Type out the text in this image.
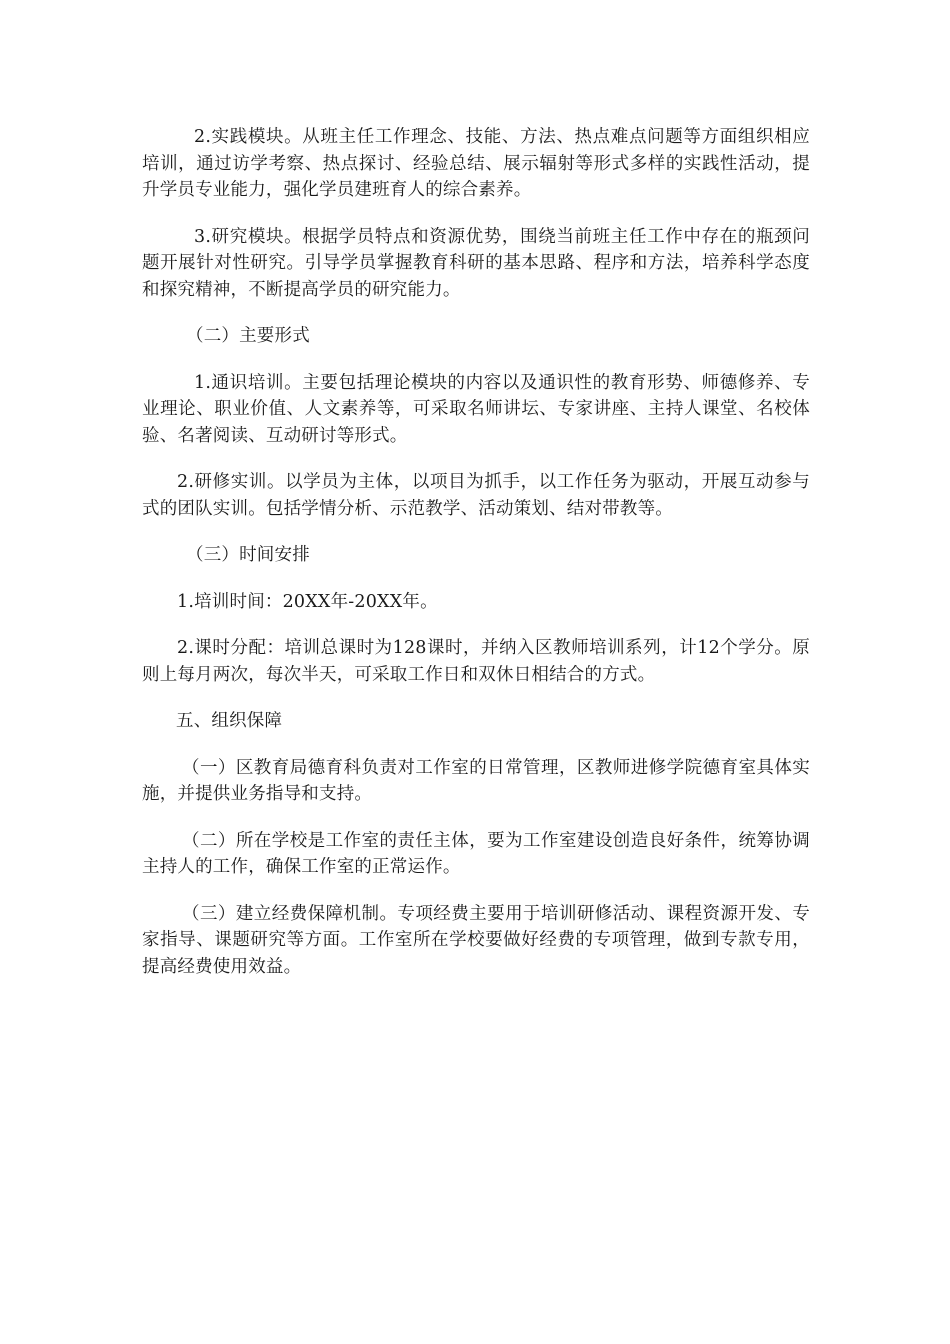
2.实践模块。从班主任工作理念、技能、方法、热点难点问题等方面组织相应培训，通过访学考察、热点探讨、经验总结、展示辐射等形式多样的实践性活动，提升学员专业能力，强化学员建班育人的综合素养。

3.研究模块。根据学员特点和资源优势，围绕当前班主任工作中存在的瓶颈问题开展针对性研究。引导学员掌握教育科研的基本思路、程序和方法，培养科学态度和探究精神，不断提高学员的研究能力。

（二）主要形式

1.通识培训。主要包括理论模块的内容以及通识性的教育形势、师德修养、专业理论、职业价值、人文素养等，可采取名师讲坛、专家讲座、主持人课堂、名校体验、名著阅读、互动研讨等形式。

2.研修实训。以学员为主体，以项目为抓手，以工作任务为驱动，开展互动参与式的团队实训。包括学情分析、示范教学、活动策划、结对带教等。

（三）时间安排

1.培训时间：20XX年-20XX年。

2.课时分配：培训总课时为128课时，并纳入区教师培训系列，计12个学分。原则上每月两次，每次半天，可采取工作日和双休日相结合的方式。

五、组织保障

（一）区教育局德育科负责对工作室的日常管理，区教师进修学院德育室具体实施，并提供业务指导和支持。

（二）所在学校是工作室的责任主体，要为工作室建设创造良好条件，统筹协调主持人的工作，确保工作室的正常运作。

（三）建立经费保障机制。专项经费主要用于培训研修活动、课程资源开发、专家指导、课题研究等方面。工作室所在学校要做好经费的专项管理，做到专款专用，提高经费使用效益。
